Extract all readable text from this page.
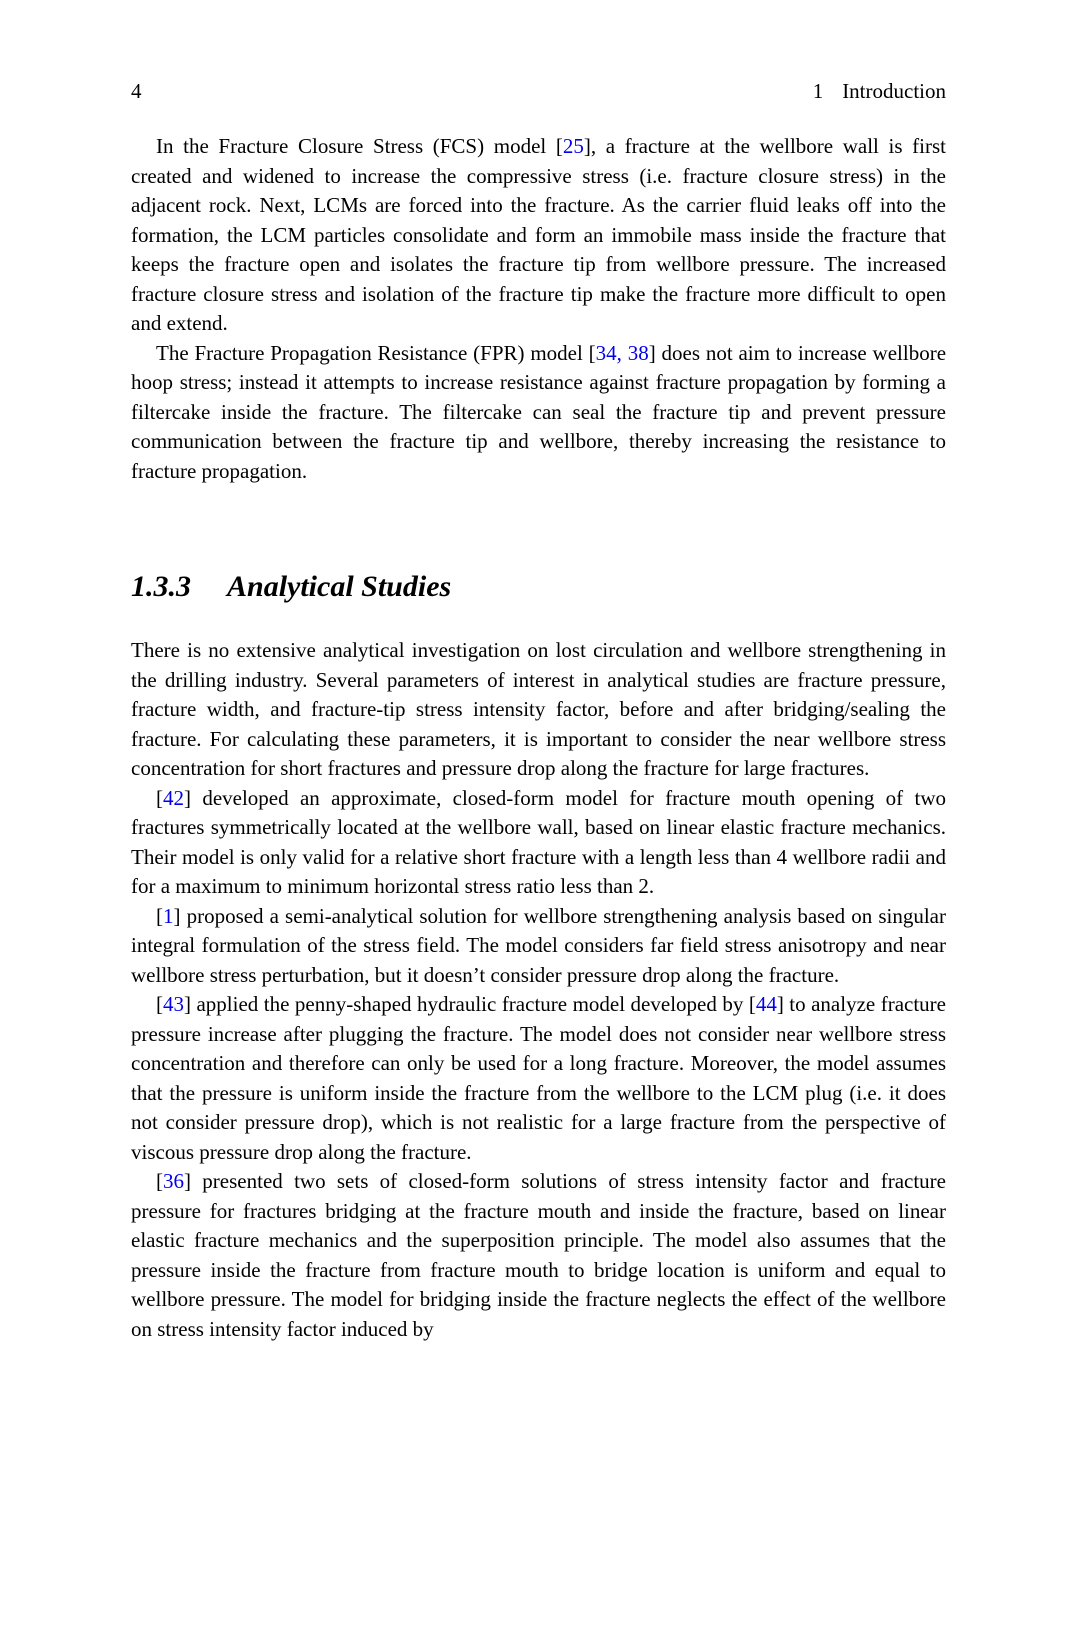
4	1 Introduction

In the Fracture Closure Stress (FCS) model [25], a fracture at the wellbore wall is first created and widened to increase the compressive stress (i.e. fracture closure stress) in the adjacent rock. Next, LCMs are forced into the fracture. As the carrier fluid leaks off into the formation, the LCM particles consolidate and form an immobile mass inside the fracture that keeps the fracture open and isolates the fracture tip from wellbore pressure. The increased fracture closure stress and isolation of the fracture tip make the fracture more difficult to open and extend.

The Fracture Propagation Resistance (FPR) model [34, 38] does not aim to increase wellbore hoop stress; instead it attempts to increase resistance against fracture propagation by forming a filtercake inside the fracture. The filtercake can seal the fracture tip and prevent pressure communication between the fracture tip and wellbore, thereby increasing the resistance to fracture propagation.

1.3.3 Analytical Studies

There is no extensive analytical investigation on lost circulation and wellbore strengthening in the drilling industry. Several parameters of interest in analytical studies are fracture pressure, fracture width, and fracture-tip stress intensity factor, before and after bridging/sealing the fracture. For calculating these parameters, it is important to consider the near wellbore stress concentration for short fractures and pressure drop along the fracture for large fractures.

[42] developed an approximate, closed-form model for fracture mouth opening of two fractures symmetrically located at the wellbore wall, based on linear elastic fracture mechanics. Their model is only valid for a relative short fracture with a length less than 4 wellbore radii and for a maximum to minimum horizontal stress ratio less than 2.

[1] proposed a semi-analytical solution for wellbore strengthening analysis based on singular integral formulation of the stress field. The model considers far field stress anisotropy and near wellbore stress perturbation, but it doesn’t consider pressure drop along the fracture.

[43] applied the penny-shaped hydraulic fracture model developed by [44] to analyze fracture pressure increase after plugging the fracture. The model does not consider near wellbore stress concentration and therefore can only be used for a long fracture. Moreover, the model assumes that the pressure is uniform inside the fracture from the wellbore to the LCM plug (i.e. it does not consider pressure drop), which is not realistic for a large fracture from the perspective of viscous pressure drop along the fracture.

[36] presented two sets of closed-form solutions of stress intensity factor and fracture pressure for fractures bridging at the fracture mouth and inside the fracture, based on linear elastic fracture mechanics and the superposition principle. The model also assumes that the pressure inside the fracture from fracture mouth to bridge location is uniform and equal to wellbore pressure. The model for bridging inside the fracture neglects the effect of the wellbore on stress intensity factor induced by
